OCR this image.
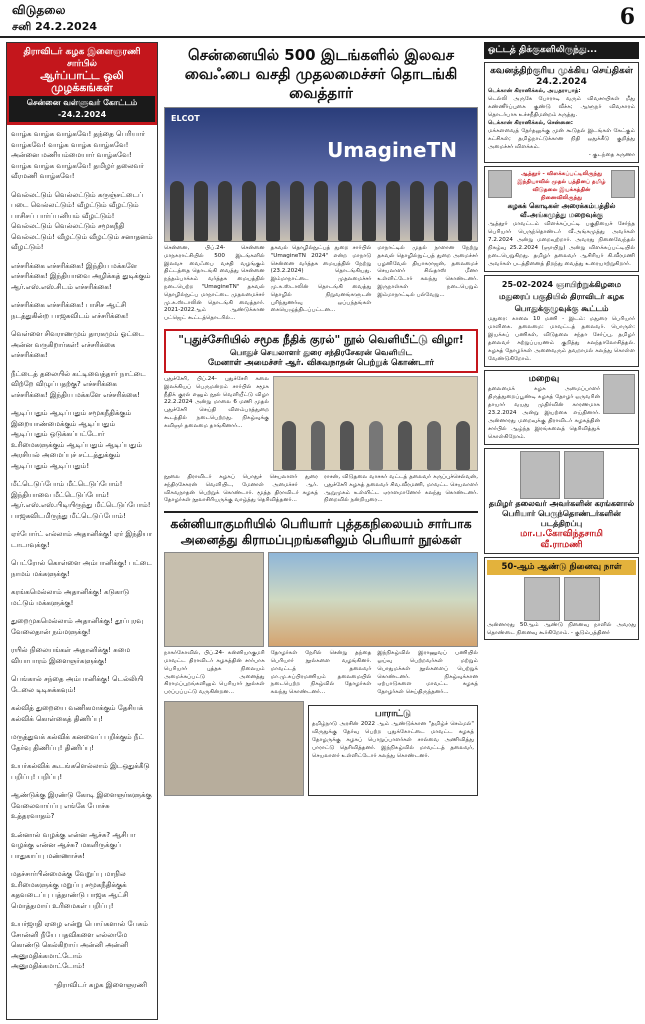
விடுதலை
சனி 24.2.2024	6
திராவிடர் கழக இளைஞரணி சார்பில்
ஆர்ப்பாட்ட ஒலி முழக்கங்கள்
சென்னை வள்ளுவர் கோட்டம் -24.2.2024

வாழ்க வாழ்க வாழ்கவே! தந்தை பெரியார் வாழ்கவே! வாழ்க வாழ்க வாழ்கவே! அன்னை மணியம்மையார் வாழ்கவே! வாழ்க வாழ்க வாழ்கவே! தமிழர் தலைவர் வீரமணி வாழ்கவே!

வெல்லட்டும் வெல்லட்டும் கருஞ்சட்டைப் படை வெல்லட்டும்! வீழட்டும் வீழட்டும் பாசிசப் பார்ப்பனியம் வீழட்டும்! வெல்லட்டும் வெல்லட்டும் சமூகநீதி வெல்லட்டும்! வீழட்டும் வீழட்டும் சனாதனம் வீழட்டும்!

எச்சரிக்கை எச்சரிக்கை! இந்திய மக்களே எச்சரிக்கை! இந்தியாவை அழிக்கத் துடிக்கும் ஆர்.எஸ்.எஸ்.சிடம் எச்சரிக்கை!

எச்சரிக்கை எச்சரிக்கை! பாசிச ஆட்சி நடத்துகின்ற பாஜகவிடம் எச்சரிக்கை!

வெள்ளை சிவராணமும் தாரகமும் ஓட்டை அன்ன வருகிறார்கள்! எச்சரிக்கை எச்சரிக்கை!

நீட்டைத் தலையில் கட்டிவைத்தார் நாட்டை விற்றே விழுப்பதற்கு? எச்சரிக்கை எச்சரிக்கை! இந்திய மக்களே எச்சரிக்கை!

ஆடிப்பதும் ஆடிப்பதும் சமூகநீதிக்கும் இறையாண்மைக்கும் ஆடிப்பதும் ஆடிப்பதும் ஒடுக்கப்பட்டோர் உரிமைகளுக்கும் ஆடிப்பதும் ஆடிப்பதும் அரசியல் அமைப்புச் சட்டத்துக்கும் ஆடிப்பதும் ஆடிப்பதும்!

மீட்டெடுப்போம் மீட்டெடுப்போம்! இந்தியாவை மீட்டெடுப்போம்! ஆர்.எஸ்.எஸ்.பிடியிருந்து மீட்டெடுப்போம்! பாஜகவிடமிருந்து மீட்டெடுப்போம்!

ஏர்போர்ட் எல்லாம் அதானிக்கு! ஏர் இந்தியா டாடாவுக்கு!

பெட்ரோல் கொள்ளை அம்பானிக்கு! பட்டை நாமம் மக்களுக்கு!

கரங்கமெல்லாம் அதானிக்கு! கடுகாடு மட்டும் மக்களுக்கு!

துறைமுகமெல்லாம் அதானிக்கு! தூப்புரவு வேலைதான் நம்மளுக்கு!

ரயில் நிலையங்கள் அதானிக்கு! சுமை வியாபாரம் இளைஞர்களுக்கு!

பெங்கால் சந்தை அம்பானிக்கு! டெல்லியி டேலை டிடிசுக்கவும்!

கல்வித் துறையை வணிகமாக்கும் தேசியக் கல்விக் கொள்கைத் திணிப்பு!

மருத்துவக் கல்விக் கனவைப் பறிக்கும் நீட் தேர்வு திணிப்பு! திணிப்பு!

உயர்கல்விக் கூடங்களெல்லாம் இடஒதுக்கீடு பறிப்பு! பறிப்பு!

ஆண்டுக்கு இரண்டு கோடி இளைஞர்களுக்கு வேலைவாய்ப்பு எங்கே போச்சு உத்தரவாதம்?

உன்னால் வழக்கு என்ன ஆச்சு? ஆசிபா வழக்கு என்ன ஆச்சு? மகளிருக்குப் பாதுகாப்பு மண்ணாச்சு!

மதச்சார்பின்மைக்கு வேறுப்பு மாநில உரிமைகளுக்கு மறுப்பு சமூகநீதிக்குக் கதவடைப்பு பத்தாண்டு பாஜக ஆட்சி மொத்தமாய் உரிமைகள் பறிப்பு!

உயர்ஜாதி ஏழை என்று பொய்களால் பேசும் சோன்னி நீயே பதவிகளை எல்லாமே கொண்டு கெல்கிறாய் அன்னி அன்னி அனுமதிக்கமாட்டோம் அனுமதிக்கமாட்டோம்!

-திராவிடர் கழக இளைஞரணி
சென்னையில் 500 இடங்களில் இலவச வைஃபை வசதி முதலமைச்சர் தொடங்கி வைத்தார்
ELCOT
UmagineTN
சென்னை, பிப்.24- சென்னை மாநகராட்சியில் 500 இடங்களில் இலவச வைஃபை வசதி வழங்கும் திட்டத்தை தொடங்கி வைத்து சென்னை நந்தம்பாக்கம் வர்த்தக மையத்தில் நடைபெற்ற "UmagineTN" தகவல் தொழில்நுட்ப மாநாட்டை முதலமைச்சர் மு.க.ஸ்டாலின் தொடங்கி வைத்தார். 2021-2022ஆம் ஆண்டுக்கான பட்ஜெட் கூட்டத்தொடரில்...
தகவல் தொழில்நுட்பத் துறை சார்பில் "UmagineTN 2024" என்ற மாநாடு சென்னை வர்த்தக மையத்தில் நேற்று (23.2.2024) தொடங்கியது. இம்மாநாட்டை முதலமைச்சர் மு.க.ஸ்டாலின் தொடங்கி வைத்து தொழில் நிறுவனங்களுடன் புரிந்துணர்வு ஒப்பந்தங்கள் கையெழுத்திடப்பட்டன...
மாநாட்டில் முதல் நாளான நேற்று தகவல் தொழில்நுட்பத் துறை அமைச்சர் பழனிவேல் தியாகராஜன், தலைமைச் செயலாளர் சிவ்தாஸ் மீனா உள்ளிட்டோர் கலந்து கொண்டனர். இருநாள்கள் நடைபெறும் இம்மாநாட்டில் பல்வேறு...
"புதுச்சேரியில் சமூக நீதிக் குரல்" நூல் வெளியீட்டு விழா!
பொதுச் செயலாளர் துரை சந்திரசேகரன் வெளியிட
மேனாள் அமைச்சர் ஆர். விசுவநாதன் பெற்றுக் கொண்டார்
புதுச்சேரி, பிப்.24- புதுச்சேரி கலை இலக்கியப் பெருமன்றம் சார்பில் சமூக நீதிக் குரல் எனும் நூல் வெளியீட்டு விழா 22.2.2024 அன்று மாலை 6 மணி முதல் புதுச்சேரி செய்தி விளம்பரத்துறை கூடத்தில் நடைபெற்றது. நிகழ்வுக்கு கவிஞர் தலைமை தாங்கினார்...
நூலை திராவிடர் கழகப் பொதுச் செயலாளர் துரை சந்திரசேகரன் வெளியிட, மேனாள் அமைச்சர் ஆர். விசுவநாதன் பெற்றுக் கொண்டார். மூத்த திராவிடர் கழகத் தோழர்கள் நூலாசிரியருக்கு வாழ்த்து தெரிவித்தனர்...
ராசன், விடுதலை வாசகர் வட்டத் தலைவர் கருப்புச்செல்வன், புதுச்சேரி கழகத் தலைவர் சிவ.வீரமணி, மாவட்ட செயலாளர் ஆறுமுகம் உள்ளிட்ட ஏராளமானோர் கலந்து கொண்டனர். நிறைவில் நன்றியுரை...
கன்னியாகுமரியில் பெரியார் புத்தகநிலையம் சார்பாக அனைத்து கிராமப்புறங்களிலும் பெரியார் நூல்கள்
நாகர்கோவில், பிப்.24- கன்னியாகுமரி மாவட்ட திராவிடர் கழகத்தின் சார்பாக பெரியார் புத்தக நிலையம் அமைக்கப்பட்டு அனைத்து கிராமப்புறங்களிலும் பெரியார் நூல்கள் பரப்பப்பட்டு வருகின்றன...
தோழர்கள் நேரில் சென்று தந்தை பெரியார் நூல்களை வழங்கினர். மாவட்டத் தலைவர் மா.மு.சுப்பிரமணியம் தலைமையில் நடைபெற்ற நிகழ்வில் தோழர்கள் கலந்து கொண்டனர்...
இந்நிகழ்வில் இராணுவப் பணியில் ஓய்வு பெற்றவர்கள் மற்றும் பொதுமக்கள் நூல்களைப் பெற்றுக் கொண்டனர். நிகழ்வுக்கான ஏற்பாடுகளை மாவட்ட கழகத் தோழர்கள் செய்திருந்தனர்...
பாராட்டு
தமிழ்நாடு அரசின் 2022 ஆம் ஆண்டுக்கான "தமிழ்ச் செம்மல்" விருதுக்கு தேர்வு பெற்ற புதுக்கோட்டை மாவட்ட கழகத் தோழருக்கு கழகப் பொறுப்பாளர்கள் சால்வை அணிவித்து பாராட்டு தெரிவித்தனர். இந்நிகழ்வில் மாவட்டத் தலைவர், செயலாளர் உள்ளிட்டோர் கலந்து கொண்டனர்.
ஒட்டத் திக்குகளிலிருந்து...
கவனத்திற்குரிய முக்கிய செய்திகள் 24.2.2024
டெக்கான் கிரானிக்கல், அயதராபாத்:
டெல்லி அருகே போராடி வரும் விவசாயிகள் மீது கண்ணீர்ப்புகை குண்டு வீச்சு; ஆளுநர் விவகாரம் தொடர்பாக உச்சநீதிமன்றம் கருத்து.
டெக்கான் கிரானிக்கல், சென்னை:
மக்களவைத் தேர்தலுக்கு முன் கூடுதல் இடங்கள் கேட்கும் கட்சிகள்; தமிழ்நாட்டுக்கான நிதி ஒதுக்கீடு குறித்து அமைச்சர் விளக்கம்.
- குடந்தை கருணா
ஆத்தூர் - விளக்கப்பட்டிலிருந்து இந்தியாவில் முதல் பத்தினப் தமிழ் விடுதலை இயக்கத்தின் நினைவிலிருந்து
கழகக் கொடிகள் அரைக்கம்பத்தில் வீ.அங்கமுத்து மறைவுக்கு
ஆத்தூர் மாவட்டம் விளக்கப்பட்டி பகுதியைச் சேர்ந்த பெரியார் பெருந்தொண்டர் வீ.அங்கமுத்து அவர்கள் 7.2.2024 அன்று மறைவுற்றார். அவரது நினைவேந்தல் நிகழ்வு 25.2.2024 (ஞாயிறு) அன்று விளக்கப்பட்டியில் நடைபெறுகிறது. தமிழர் தலைவர் ஆசிரியர் கி.வீரமணி அவர்கள் படத்தினைத் திறந்து வைத்து உரையாற்றுகிறார்.
25-02-2024 ஞாயிற்றுக்கிழமை மதுரைப் பகுதியில் திராவிடர் கழக பொதுக்குழுவுக்கு கூட்டம்
மதுரை: காலை 10 மணி - இடம்: மதுரை பெரியார் மாளிகை. தலைமை: மாவட்டத் தலைவர். பொருள்: இயக்கப் பணிகள், விடுதலை சந்தா சேர்ப்பு, தமிழர் தலைவர் சுற்றுப்பயணம் குறித்து கலந்தாலோசித்தல். கழகத் தோழர்கள் அனைவரும் தவறாமல் கலந்து கொள்ள வேண்டுகிறோம்.
மறைவு
தலைமைக் கழக அமைப்பாளர் திருத்துறைப்பூண்டி கழகத் தோழர் ஒருவரின் தாயார் வயது முதிர்வின் காரணமாக 23.2.2024 அன்று இயற்கை எய்தினார். அன்னாரது மறைவுக்கு திராவிடர் கழகத்தின் சார்பில் ஆழ்ந்த இரங்கலைத் தெரிவித்துக் கொள்கிறோம்.
தமிழர் தலைவர் அவர்களின் கரங்களால் பெரியார் பெருந்தொண்டர்களின் படத்திறப்பு
மா.ப.கோவிந்தசாமி
வீ.ராமணி
50-ஆம் ஆண்டு நினைவு நாள்
அன்னாரது 50ஆம் ஆண்டு நினைவு நாளில் அவரது தொண்டை நினைவு கூர்கிறோம். - குடும்பத்தினர்
